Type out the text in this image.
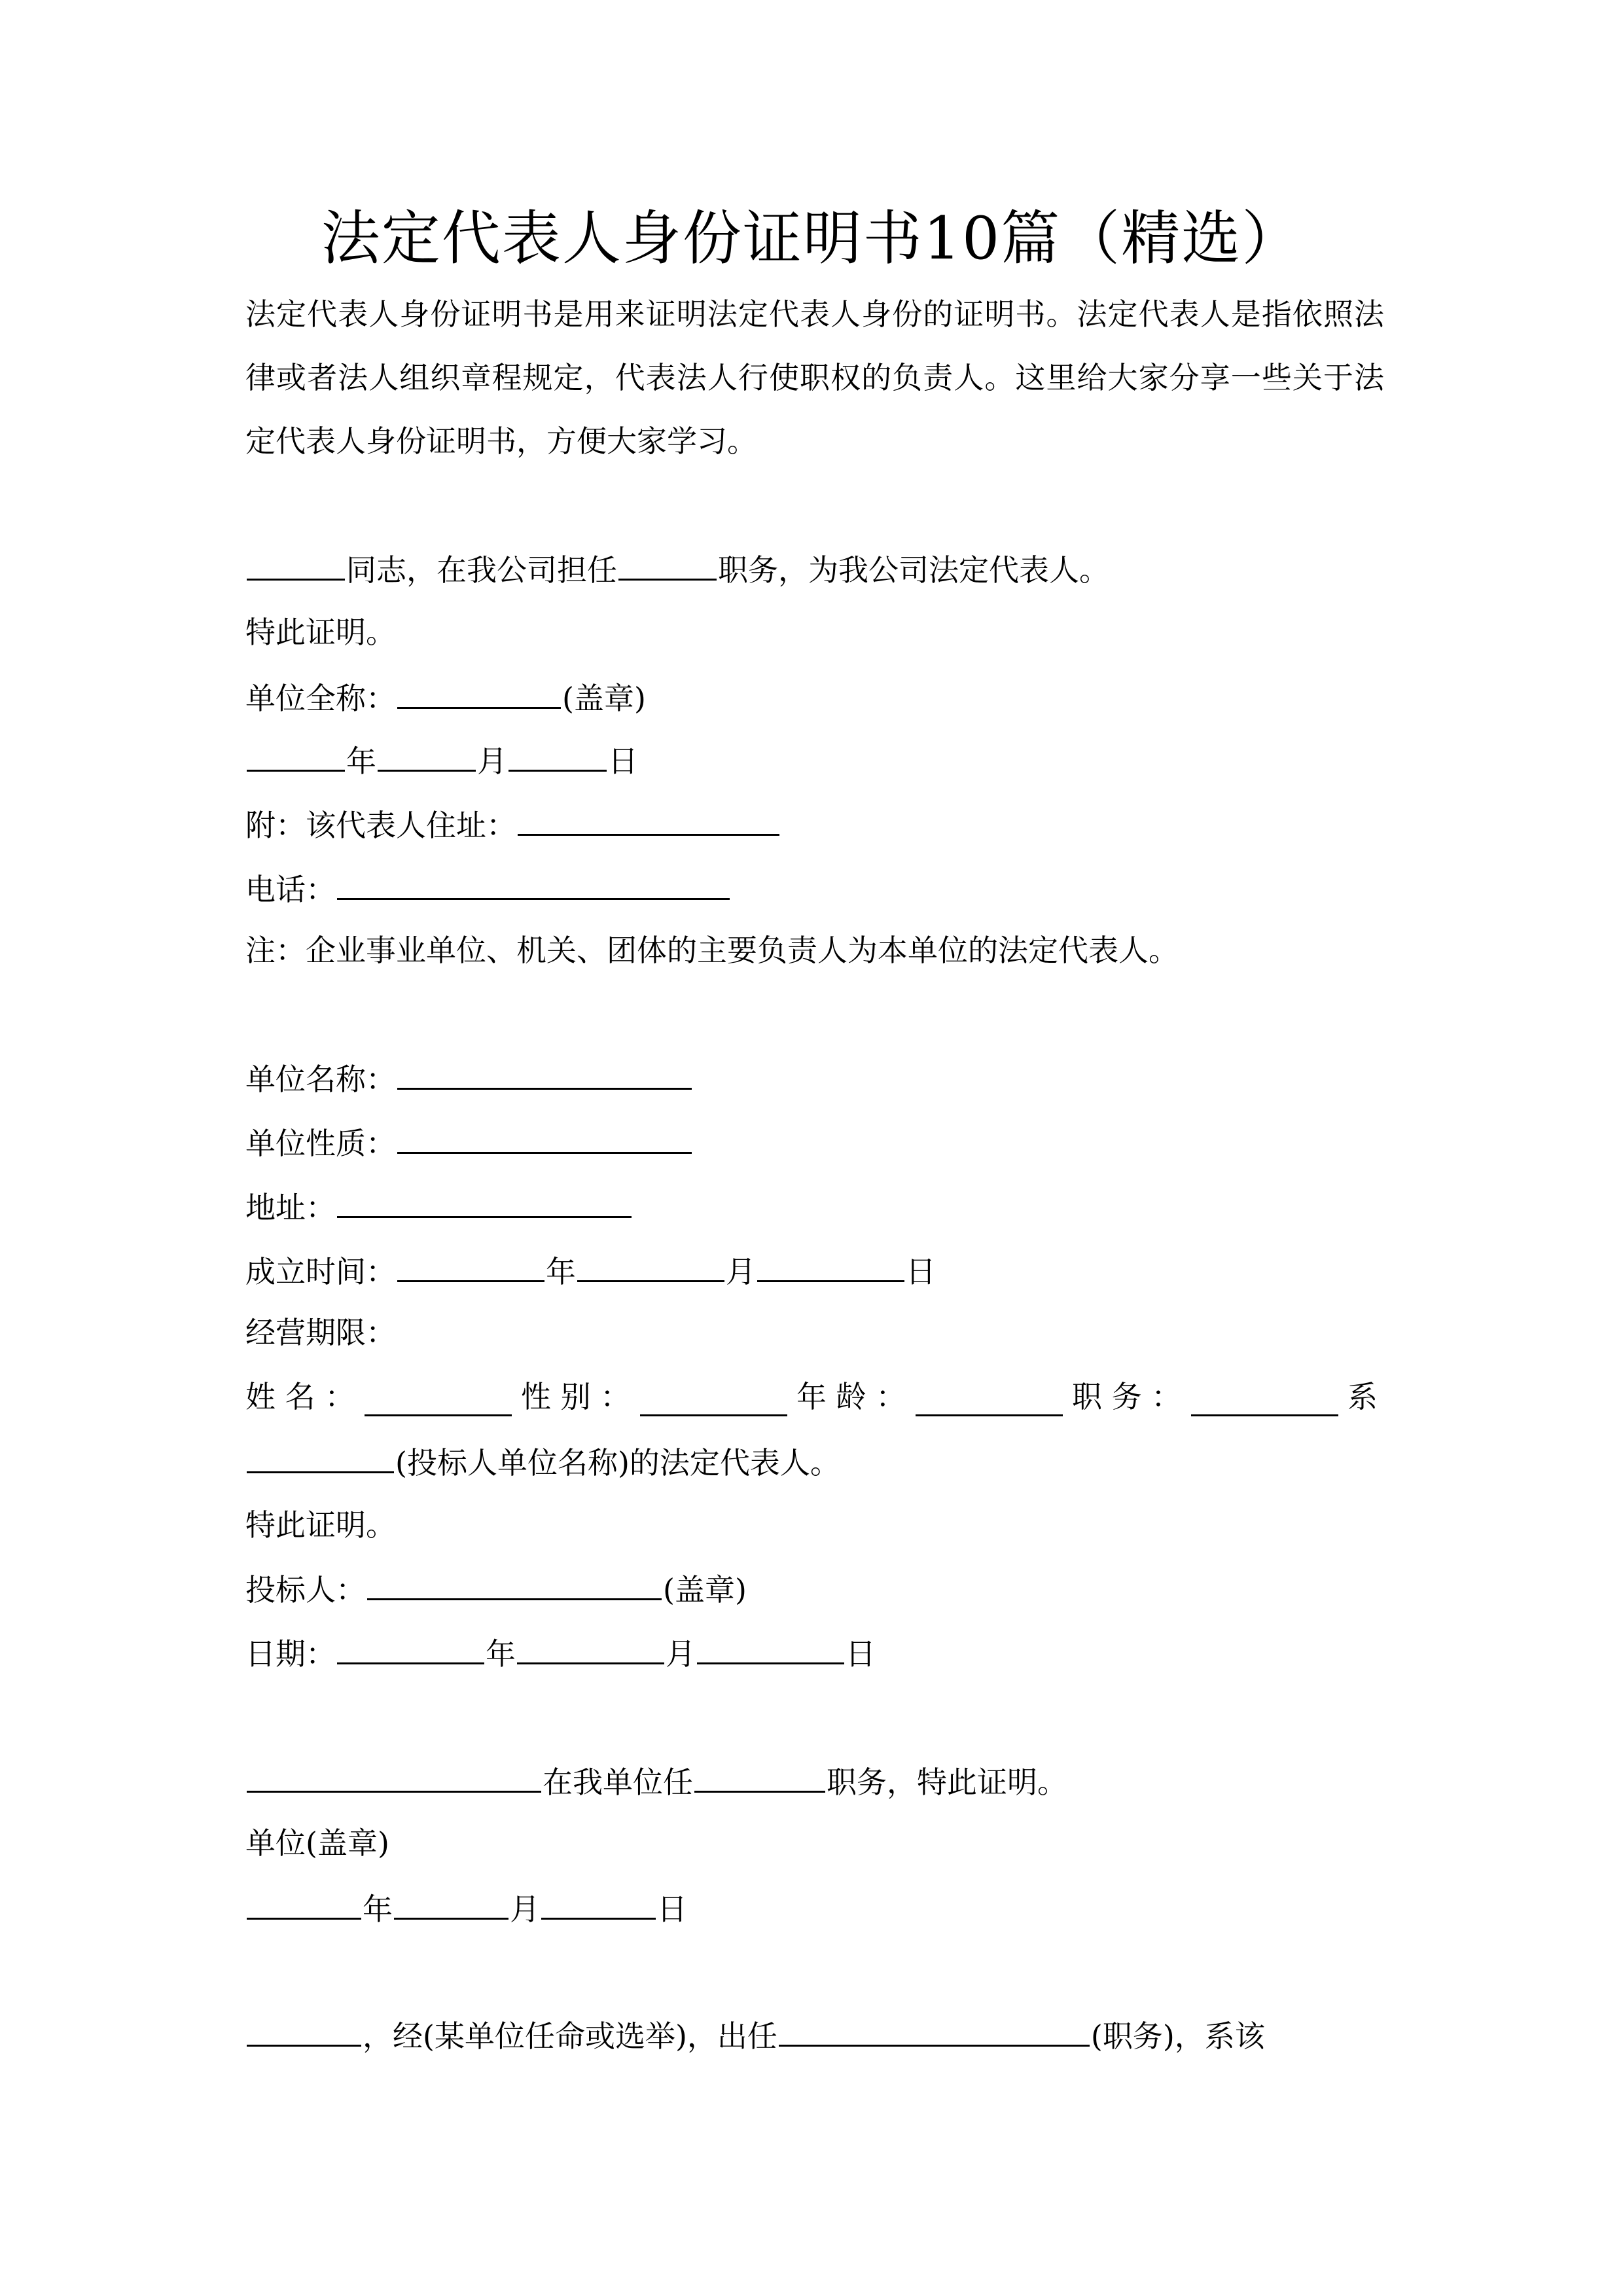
法定代表人身份证明书10篇（精选）
法定代表人身份证明书是用来证明法定代表人身份的证明书。法定代表人是指依照法律或者法人组织章程规定，代表法人行使职权的负责人。这里给大家分享一些关于法定代表人身份证明书，方便大家学习。
同志，在我公司担任	职务，为我公司法定代表人。
特此证明。
单位全称：	(盖章)
年	月	日
附：该代表人住址：
电话：
注：企业事业单位、机关、团体的主要负责人为本单位的法定代表人。
单位名称：
单位性质：
地址：
成立时间：	年	月	日
经营期限：
姓 名 ：	性 别 ：	年 龄 ：	职 务 ：	系
(投标人单位名称)的法定代表人。
特此证明。
投标人：	(盖章)
日期：	年	月	日
在我单位任	职务，特此证明。
单位(盖章)
年	月	日
，经(某单位任命或选举)，出任	(职务)，系该
